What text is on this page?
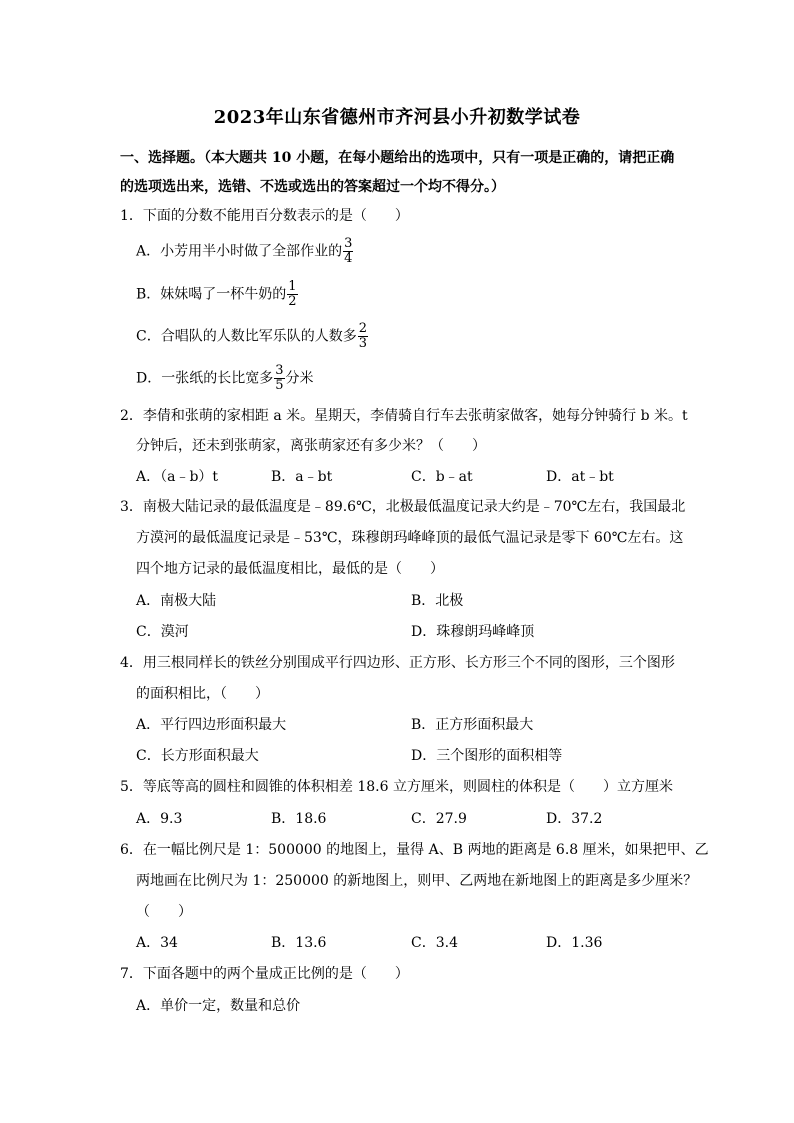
2023年山东省德州市齐河县小升初数学试卷
一、选择题。（本大题共 10 小题，在每小题给出的选项中，只有一项是正确的，请把正确
的选项选出来，选错、不选或选出的答案超过一个均不得分。）
1．下面的分数不能用百分数表示的是（　　）
A．小芳用半小时做了全部作业的 $\frac{3}{4}$
B．妹妹喝了一杯牛奶的 $\frac{1}{2}$
C．合唱队的人数比军乐队的人数多 $\frac{2}{3}$
D．一张纸的长比宽多 $\frac{3}{5}$ 分米
2．李倩和张萌的家相距 a 米。星期天，李倩骑自行车去张萌家做客，她每分钟骑行 b 米。t
分钟后，还未到张萌家，离张萌家还有多少米？（　　）
A．（a﹣b）t	B．a﹣bt	C．b﹣at	D．at﹣bt
3．南极大陆记录的最低温度是﹣89.6℃，北极最低温度记录大约是﹣70℃左右，我国最北
方漠河的最低温度记录是﹣53℃，珠穆朗玛峰峰顶的最低气温记录是零下 60℃左右。这
四个地方记录的最低温度相比，最低的是（　　）
A．南极大陆	B．北极
C．漠河	D．珠穆朗玛峰峰顶
4．用三根同样长的铁丝分别围成平行四边形、正方形、长方形三个不同的图形，三个图形
的面积相比，（　　）
A．平行四边形面积最大	B．正方形面积最大
C．长方形面积最大	D．三个图形的面积相等
5．等底等高的圆柱和圆锥的体积相差 18.6 立方厘米，则圆柱的体积是（　　）立方厘米
A．9.3	B．18.6	C．27.9	D．37.2
6．在一幅比例尺是 1：500000 的地图上，量得 A、B 两地的距离是 6.8 厘米，如果把甲、乙
两地画在比例尺为 1：250000 的新地图上，则甲、乙两地在新地图上的距离是多少厘米？
（　　）
A．34	B．13.6	C．3.4	D．1.36
7．下面各题中的两个量成正比例的是（　　）
A．单价一定，数量和总价
